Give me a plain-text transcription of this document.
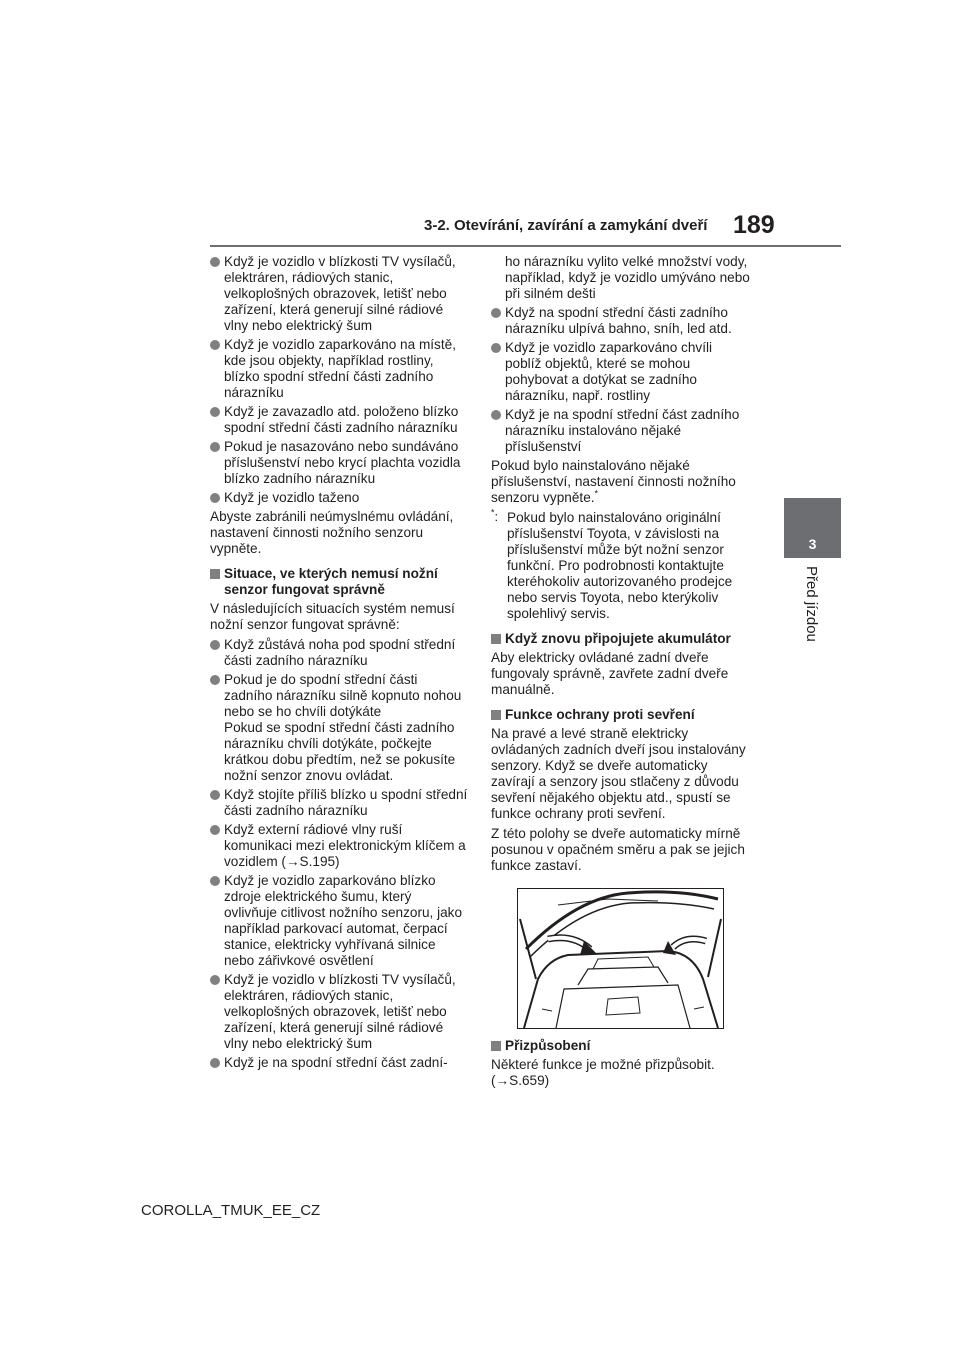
3-2. Otevírání, zavírání a zamykání dveří 189
3
Před jízdou
Když je vozidlo v blízkosti TV vysílačů, elektráren, rádiových stanic, velkoplošných obrazovek, letišť nebo zařízení, která generují silné rádiové vlny nebo elektrický šum
Když je vozidlo zaparkováno na místě, kde jsou objekty, například rostliny, blízko spodní střední části zadního nárazníku
Když je zavazadlo atd. položeno blízko spodní střední části zadního nárazníku
Pokud je nasazováno nebo sundáváno příslušenství nebo krycí plachta vozidla blízko zadního nárazníku
Když je vozidlo taženo
Abyste zabránili neúmyslnému ovládání, nastavení činnosti nožního senzoru vypněte.
Situace, ve kterých nemusí nožní senzor fungovat správně
V následujících situacích systém nemusí nožní senzor fungovat správně:
Když zůstává noha pod spodní střední části zadního nárazníku
Pokud je do spodní střední části zadního nárazníku silně kopnuto nohou nebo se ho chvíli dotýkáte
Pokud se spodní střední části zadního nárazníku chvíli dotýkáte, počkejte krátkou dobu předtím, než se pokusíte nožní senzor znovu ovládat.
Když stojíte příliš blízko u spodní střední části zadního nárazníku
Když externí rádiové vlny ruší komunikaci mezi elektronickým klíčem a vozidlem (→S.195)
Když je vozidlo zaparkováno blízko zdroje elektrického šumu, který ovlivňuje citlivost nožního senzoru, jako například parkovací automat, čerpací stanice, elektricky vyhřívaná silnice nebo zářivkové osvětlení
Když je vozidlo v blízkosti TV vysílačů, elektráren, rádiových stanic, velkoplošných obrazovek, letišť nebo zařízení, která generují silné rádiové vlny nebo elektrický šum
Když je na spodní střední část zadní-
ho nárazníku vylito velké množství vody, například, když je vozidlo umýváno nebo při silném dešti
Když na spodní střední části zadního nárazníku ulpívá bahno, sníh, led atd.
Když je vozidlo zaparkováno chvíli poblíž objektů, které se mohou pohybovat a dotýkat se zadního nárazníku, např. rostliny
Když je na spodní střední část zadního nárazníku instalováno nějaké příslušenství
Pokud bylo nainstalováno nějaké příslušenství, nastavení činnosti nožního senzoru vypněte.*
*: Pokud bylo nainstalováno originální příslušenství Toyota, v závislosti na příslušenství může být nožní senzor funkční. Pro podrobnosti kontaktujte kteréhokoliv autorizovaného prodejce nebo servis Toyota, nebo kterýkoliv spolehlivý servis.
Když znovu připojujete akumulátor
Aby elektricky ovládané zadní dveře fungovaly správně, zavřete zadní dveře manuálně.
Funkce ochrany proti sevření
Na pravé a levé straně elektricky ovládaných zadních dveří jsou instalovány senzory. Když se dveře automaticky zavírají a senzory jsou stlačeny z důvodu sevření nějakého objektu atd., spustí se funkce ochrany proti sevření.
Z této polohy se dveře automaticky mírně posunou v opačném směru a pak se jejich funkce zastaví.
Přizpůsobení
Některé funkce je možné přizpůsobit. (→S.659)
COROLLA_TMUK_EE_CZ
